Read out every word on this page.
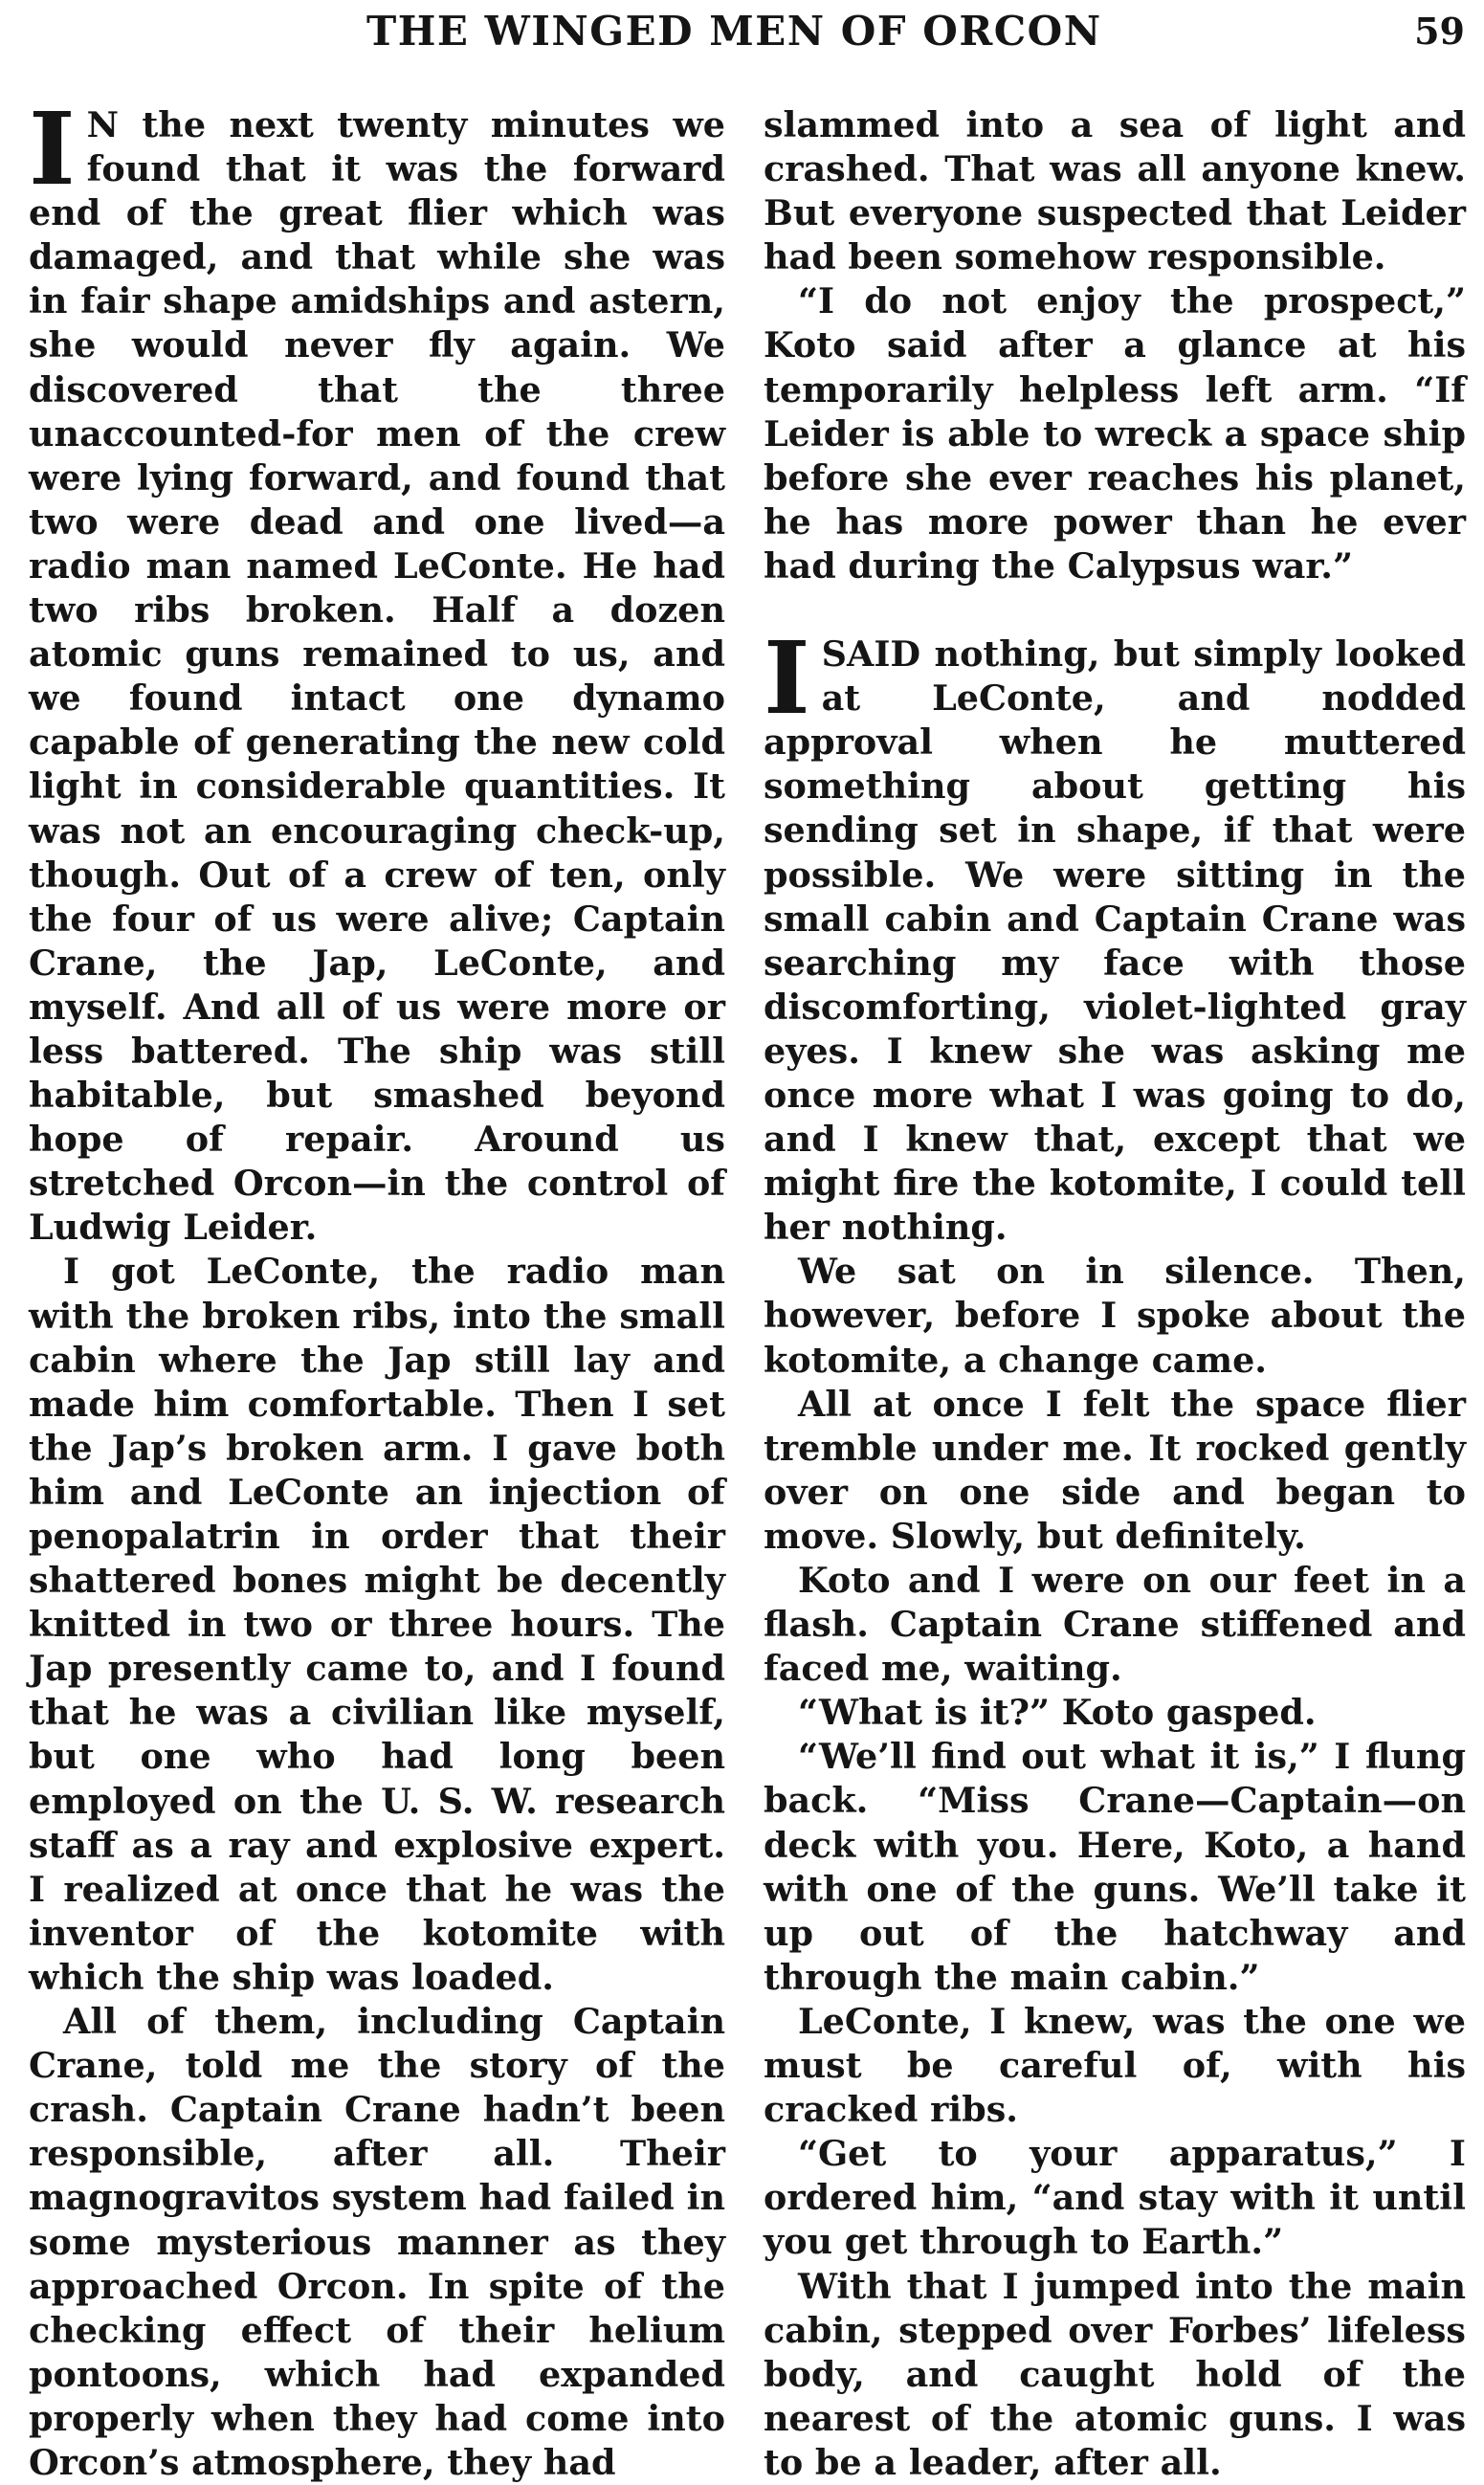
THE WINGED MEN OF ORCON	59

I N the next twenty minutes we found that it was the forward end of the great flier which was damaged, and that while she was in fair shape amidships and astern, she would never fly again. We discovered that the three unaccounted-for men of the crew were lying forward, and found that two were dead and one lived—a radio man named LeConte. He had two ribs broken. Half a dozen atomic guns remained to us, and we found intact one dynamo capable of generating the new cold light in considerable quantities. It was not an encouraging check-up, though. Out of a crew of ten, only the four of us were alive; Captain Crane, the Jap, LeConte, and myself. And all of us were more or less battered. The ship was still habitable, but smashed beyond hope of repair. Around us stretched Orcon—in the control of Ludwig Leider.

I got LeConte, the radio man with the broken ribs, into the small cabin where the Jap still lay and made him comfortable. Then I set the Jap’s broken arm. I gave both him and LeConte an injection of penopalatrin in order that their shattered bones might be decently knitted in two or three hours. The Jap presently came to, and I found that he was a civilian like myself, but one who had long been employed on the U. S. W. research staff as a ray and explosive expert. I realized at once that he was the inventor of the kotomite with which the ship was loaded.

All of them, including Captain Crane, told me the story of the crash. Captain Crane hadn’t been responsible, after all. Their magnogravitos system had failed in some mysterious manner as they approached Orcon. In spite of the checking effect of their helium pontoons, which had expanded properly when they had come into Orcon’s atmosphere, they had

slammed into a sea of light and crashed. That was all anyone knew. But everyone suspected that Leider had been somehow responsible.

“I do not enjoy the prospect,” Koto said after a glance at his temporarily helpless left arm. “If Leider is able to wreck a space ship before she ever reaches his planet, he has more power than he ever had during the Calypsus war.”

ISAID nothing, but simply looked at LeConte, and nodded approval when he muttered something about getting his sending set in shape, if that were possible. We were sitting in the small cabin and Captain Crane was searching my face with those discomforting, violet-lighted gray eyes. I knew she was asking me once more what I was going to do, and I knew that, except that we might fire the kotomite, I could tell her nothing.

We sat on in silence. Then, however, before I spoke about the kotomite, a change came.

All at once I felt the space flier tremble under me. It rocked gently over on one side and began to move. Slowly, but definitely.

Koto and I were on our feet in a flash. Captain Crane stiffened and faced me, waiting.

“What is it?” Koto gasped.

“We’ll find out what it is,” I flung back. “Miss Crane—Captain—on deck with you. Here, Koto, a hand with one of the guns. We’ll take it up out of the hatchway and through the main cabin.”

LeConte, I knew, was the one we must be careful of, with his cracked ribs.

“Get to your apparatus,” I ordered him, “and stay with it until you get through to Earth.”

With that I jumped into the main cabin, stepped over Forbes’ lifeless body, and caught hold of the nearest of the atomic guns. I was to be a leader, after all.
